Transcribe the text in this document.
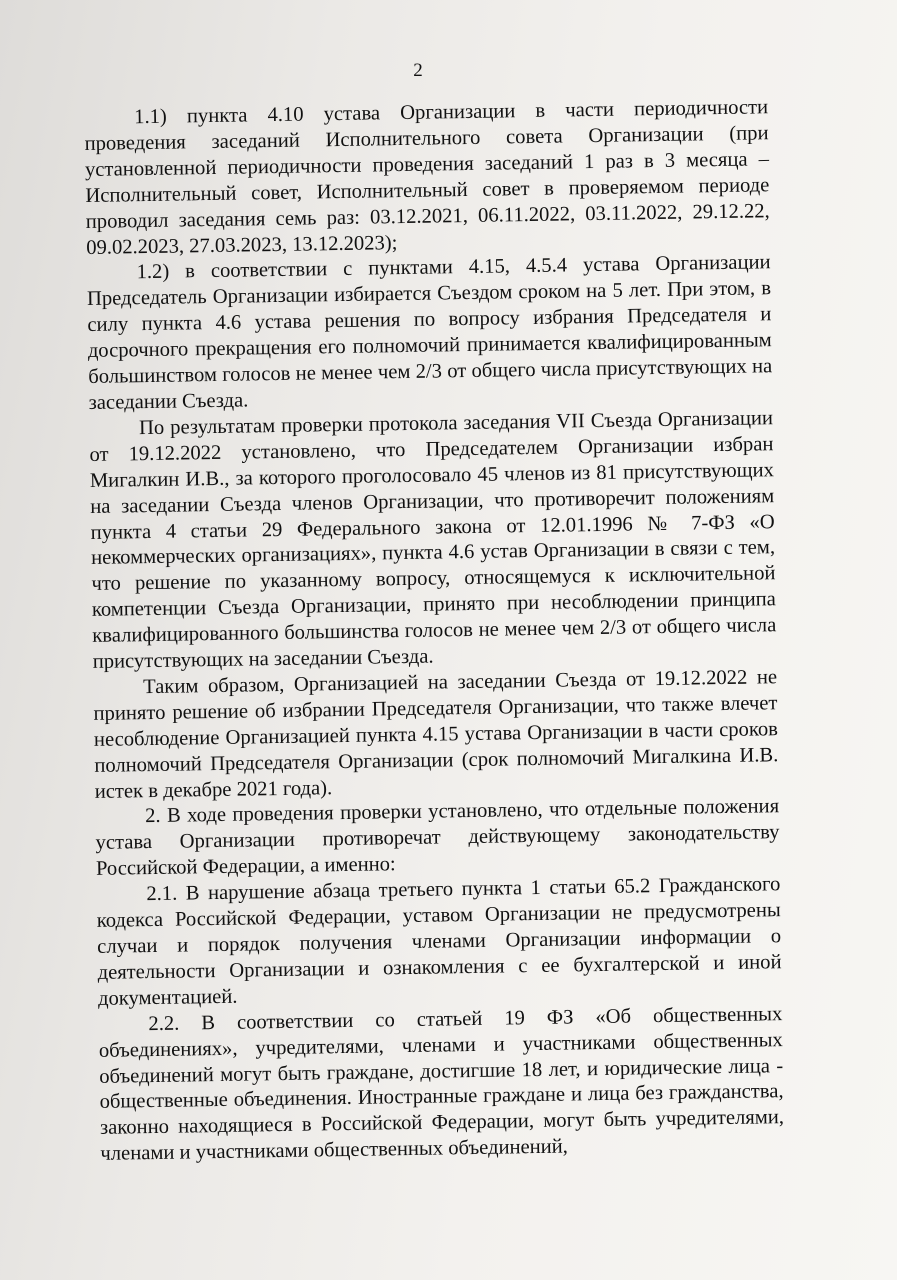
2

1.1) пункта 4.10 устава Организации в части периодичности проведения заседаний Исполнительного совета Организации (при установленной периодичности проведения заседаний 1 раз в 3 месяца – Исполнительный совет, Исполнительный совет в проверяемом периоде проводил заседания семь раз: 03.12.2021, 06.11.2022, 03.11.2022, 29.12.22, 09.02.2023, 27.03.2023, 13.12.2023);

1.2) в соответствии с пунктами 4.15, 4.5.4 устава Организации Председатель Организации избирается Съездом сроком на 5 лет. При этом, в силу пункта 4.6 устава решения по вопросу избрания Председателя и досрочного прекращения его полномочий принимается квалифицированным большинством голосов не менее чем 2/3 от общего числа присутствующих на заседании Съезда.

По результатам проверки протокола заседания VII Съезда Организации от 19.12.2022 установлено, что Председателем Организации избран Мигалкин И.В., за которого проголосовало 45 членов из 81 присутствующих на заседании Съезда членов Организации, что противоречит положениям пункта 4 статьи 29 Федерального закона от 12.01.1996 № 7-ФЗ «О некоммерческих организациях», пункта 4.6 устав Организации в связи с тем, что решение по указанному вопросу, относящемуся к исключительной компетенции Съезда Организации, принято при несоблюдении принципа квалифицированного большинства голосов не менее чем 2/3 от общего числа присутствующих на заседании Съезда.

Таким образом, Организацией на заседании Съезда от 19.12.2022 не принято решение об избрании Председателя Организации, что также влечет несоблюдение Организацией пункта 4.15 устава Организации в части сроков полномочий Председателя Организации (срок полномочий Мигалкина И.В. истек в декабре 2021 года).

2. В ходе проведения проверки установлено, что отдельные положения устава Организации противоречат действующему законодательству Российской Федерации, а именно:

2.1. В нарушение абзаца третьего пункта 1 статьи 65.2 Гражданского кодекса Российской Федерации, уставом Организации не предусмотрены случаи и порядок получения членами Организации информации о деятельности Организации и ознакомления с ее бухгалтерской и иной документацией.

2.2. В соответствии со статьей 19 ФЗ «Об общественных объединениях», учредителями, членами и участниками общественных объединений могут быть граждане, достигшие 18 лет, и юридические лица - общественные объединения. Иностранные граждане и лица без гражданства, законно находящиеся в Российской Федерации, могут быть учредителями, членами и участниками общественных объединений,
